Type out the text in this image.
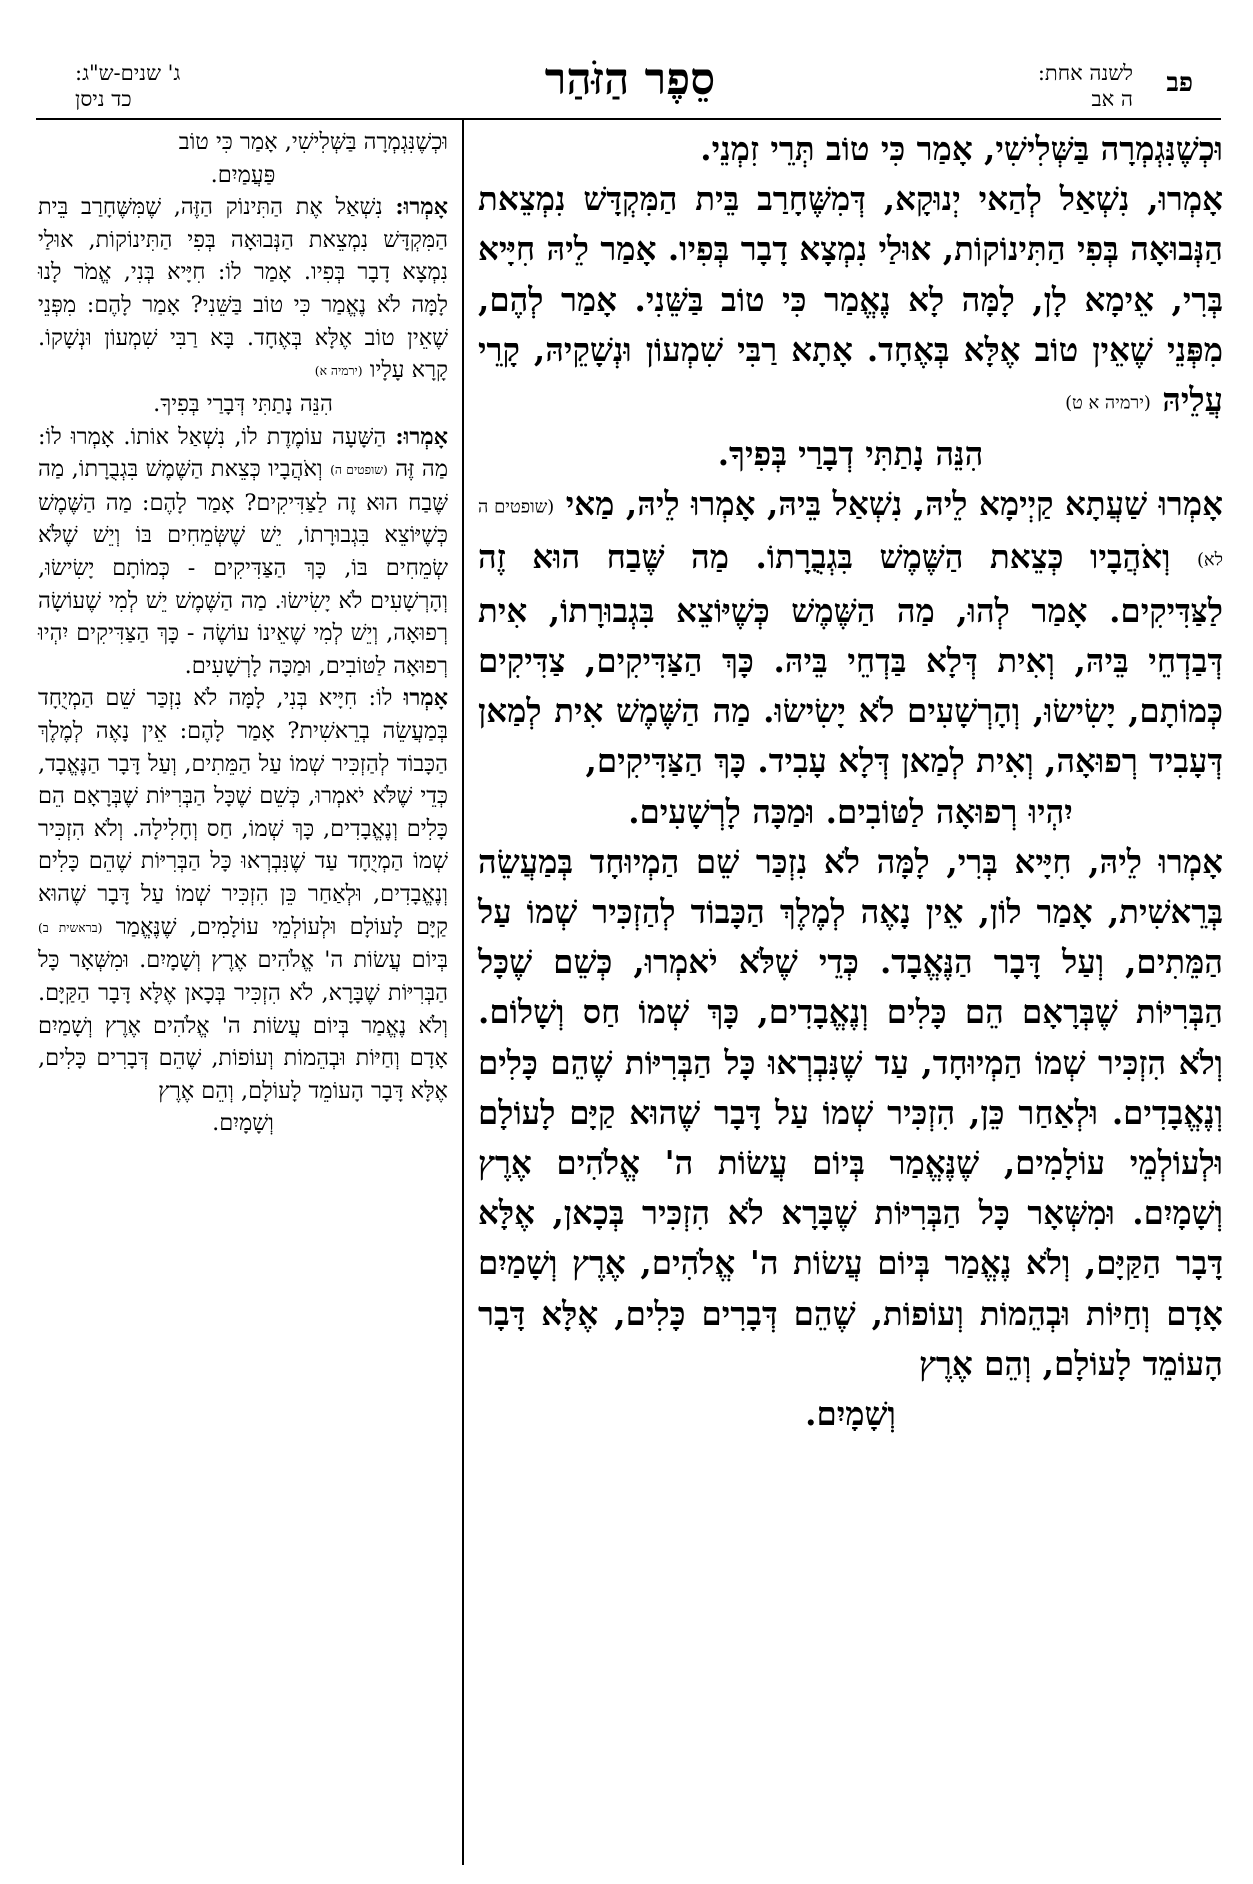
פב
לשנה אחת:
ה אב
סֵפֶר הַזֹּהַר
ג' שנים-ש"ג:
כד ניסן

וּכְשֶׁנִּגְמְרָה בַּשְּׁלִישִׁי, אָמַר כִּי טוֹב תְּרֵי זִמְנֵי.

אָמְרוּ, נִשְׁאַל לְהַאי יְנוּקָא, דְּמִשֶּׁחָרַב בֵּית הַמִּקְדָּשׁ נִמְצֵאת הַנְּבוּאָה בְּפִי הַתִּינוֹקוֹת, אוּלַי נִמְצָא דָבָר בְּפִיו. אָמַר לֵיהּ חִיָּיא בְּרִי, אֵימָא לָן, לָמָּה לָא נֶאֱמַר כִּי טוֹב בַּשֵּׁנִי. אָמַר לְהֶם, מִפְּנֵי שֶׁאֵין טוֹב אֶלָּא בְּאֶחָד. אָתָא רַבִּי שִׁמְעוֹן וּנְשָׁקֵיהּ, קָרֵי עֲלֵיהּ (ירמיה א ט)
הִנֵּה נָתַתִּי דְבָרַי בְּפִיךָ.

אָמְרוּ שַׁעֲתָא קַיְימָא לֵיהּ, נִשְׁאַל בֵּיהּ, אָמְרוּ לֵיהּ, מַאי (שופטים ה לא) וְאֹהֲבָיו כְּצֵאת הַשֶּׁמֶשׁ בִּגְבֻרָתוֹ. מַה שֶּׁבַח הוּא זֶה לַצַּדִּיקִים. אָמַר לְהוּ, מַה הַשֶּׁמֶשׁ כְּשֶׁיּוֹצֵא בִּגְבוּרָתוֹ, אִית דְּבַדְחֵי בֵּיהּ, וְאִית דְּלָא בַּדְחֵי בֵּיהּ. כָּךְ הַצַּדִּיקִים, צַדִּיקִים כְּמוֹתָם, יָשִׂישׂוּ, וְהָרְשָׁעִים לֹא יָשִׂישׂוּ. מַה הַשֶּׁמֶשׁ אִית לְמַאן דְּעָבִיד רְפוּאָה, וְאִית לְמַאן דְּלָא עָבִיד. כָּךְ הַצַּדִּיקִים,
יִהְיוּ רְפוּאָה לַטּוֹבִים. וּמַכָּה לָרְשָׁעִים.

אָמְרוּ לֵיהּ, חִיָּיא בְּרִי, לָמָּה לֹא נִזְכַּר שֵׁם הַמְיוּחָד בְּמַעֲשֵׂה בְּרֵאשִׁית, אָמַר לוֹן, אֵין נָאֶה לְמֶלֶךְ הַכָּבוֹד לְהַזְכִּיר שְׁמוֹ עַל הַמֵּתִים, וְעַל דָּבָר הַנֶּאֱבָד. כְּדֵי שֶׁלֹּא יֹאמְרוּ, כְּשֵׁם שֶׁכָּל הַבְּרִיּוֹת שֶׁבְּרָאָם הֵם כָּלִים וְנֶאֱבָדִים, כָּךְ שְׁמוֹ חַס וְשָׁלוֹם. וְלֹא הִזְכִּיר שְׁמוֹ הַמְיוּחָד, עַד שֶׁנִּבְרְאוּ כָּל הַבְּרִיּוֹת שֶׁהֵם כָּלִים וְנֶאֱבָדִים. וּלְאַחַר כֵּן, הִזְכִּיר שְׁמוֹ עַל דָּבָר שֶׁהוּא קַיָּם לָעוֹלָם וּלְעוֹלְמֵי עוֹלָמִים, שֶׁנֶּאֱמַר בְּיוֹם עֲשׂוֹת ה' אֱלֹהִים אֶרֶץ וְשָׁמָיִם. וּמִשְּׁאָר כָּל הַבְּרִיּוֹת שֶׁבָּרָא לֹא הִזְכִּיר בְּכָאן, אֶלָּא דָּבָר הַקַּיָּם, וְלֹא נֶאֱמַר בְּיוֹם עֲשׂוֹת ה' אֱלֹהִים, אֶרֶץ וְשָׁמַיִם אָדָם וְחַיּוֹת וּבְהֵמוֹת וְעוֹפוֹת, שֶׁהֵם דְּבָרִים כָּלִים, אֶלָּא דָּבָר הָעוֹמֵד לָעוֹלָם, וְהֵם אֶרֶץ
וְשָׁמָיִם.

וּכְשֶׁנִּגְמְרָה בַּשְּׁלִישִׁי, אָמַר כִּי טוֹב
פַּעֲמַיִם.

אָמְרוּ: נִשְׁאַל אֶת הַתִּינוֹק הַזֶּה, שֶׁמִּשֶּׁחָרַב בֵּית הַמִּקְדָּשׁ נִמְצֵאת הַנְּבוּאָה בְּפִי הַתִּינוֹקוֹת, אוּלַי נִמְצָא דָבָר בְּפִיו. אָמַר לוֹ: חִיָּיא בְּנִי, אֱמֹר לָנוּ לָמָּה לֹא נֶאֱמַר כִּי טוֹב בַּשֵּׁנִי? אָמַר לָהֶם: מִפְּנֵי שֶׁאֵין טוֹב אֶלָּא בְּאֶחָד. בָּא רַבִּי שִׁמְעוֹן וּנְשָׁקוֹ. קָרָא עָלָיו (ירמיה א)
הִנֵּה נָתַתִּי דְּבָרַי בְּפִיךָ.

אָמְרוּ: הַשָּׁעָה עוֹמֶדֶת לוֹ, נִשְׁאַל אוֹתוֹ. אָמְרוּ לוֹ: מַה זֶּה (שופטים ה) וְאֹהֲבָיו כְּצֵאת הַשֶּׁמֶשׁ בִּגְבֻרָתוֹ, מַה שֶּׁבַח הוּא זֶה לַצַּדִּיקִים? אָמַר לָהֶם: מַה הַשֶּׁמֶשׁ כְּשֶׁיּוֹצֵא בִּגְבוּרָתוֹ, יֵשׁ שֶׁשְּׂמֵחִים בּוֹ וְיֵשׁ שֶׁלֹּא שְׂמֵחִים בּוֹ, כָּךְ הַצַּדִּיקִים - כְּמוֹתָם יָשִׂישׂוּ, וְהָרְשָׁעִים לֹא יָשִׂישׂוּ. מַה הַשֶּׁמֶשׁ יֵשׁ לְמִי שֶׁעוֹשָׂה רְפוּאָה, וְיֵשׁ לְמִי שֶׁאֵינוֹ עוֹשֶׂה - כָּךְ הַצַּדִּיקִים יִהְיוּ רְפוּאָה לַטּוֹבִים, וּמַכָּה לָרְשָׁעִים.

אָמְרוּ לוֹ: חִיָּיא בְּנִי, לָמָּה לֹא נִזְכַּר שֵׁם הַמְיֻחָד בְּמַעֲשֵׂה בְרֵאשִׁית? אָמַר לָהֶם: אֵין נָאֶה לְמֶלֶךְ הַכָּבוֹד לְהַזְכִּיר שְׁמוֹ עַל הַמֵּתִים, וְעַל דָּבָר הַנֶּאֱבָד, כְּדֵי שֶׁלֹּא יֹאמְרוּ, כְּשֵׁם שֶׁכָּל הַבְּרִיּוֹת שֶׁבְּרָאָם הֵם כָּלִים וְנֶאֱבָדִים, כָּךְ שְׁמוֹ, חַס וְחָלִילָה. וְלֹא הִזְכִּיר שְׁמוֹ הַמְיֻחָד עַד שֶׁנִּבְרְאוּ כָּל הַבְּרִיּוֹת שֶׁהֵם כָּלִים וְנֶאֱבָדִים, וּלְאַחַר כֵּן הִזְכִּיר שְׁמוֹ עַל דָּבָר שֶׁהוּא קַיָּם לָעוֹלָם וּלְעוֹלְמֵי עוֹלָמִים, שֶׁנֶּאֱמַר (בראשית ב) בְּיוֹם עֲשׂוֹת ה' אֱלֹהִים אֶרֶץ וְשָׁמָיִם. וּמִשְּׁאָר כָּל הַבְּרִיּוֹת שֶׁבָּרָא, לֹא הִזְכִּיר בְּכָאן אֶלָּא דָּבָר הַקַּיָּם. וְלֹא נֶאֱמַר בְּיוֹם עֲשׂוֹת ה' אֱלֹהִים אֶרֶץ וְשָׁמַיִם אָדָם וְחַיּוֹת וּבְהֵמוֹת וְעוֹפוֹת, שֶׁהֵם דְּבָרִים כָּלִים, אֶלָּא דָּבָר הָעוֹמֵד לָעוֹלָם, וְהֵם אֶרֶץ
וְשָׁמָיִם.
